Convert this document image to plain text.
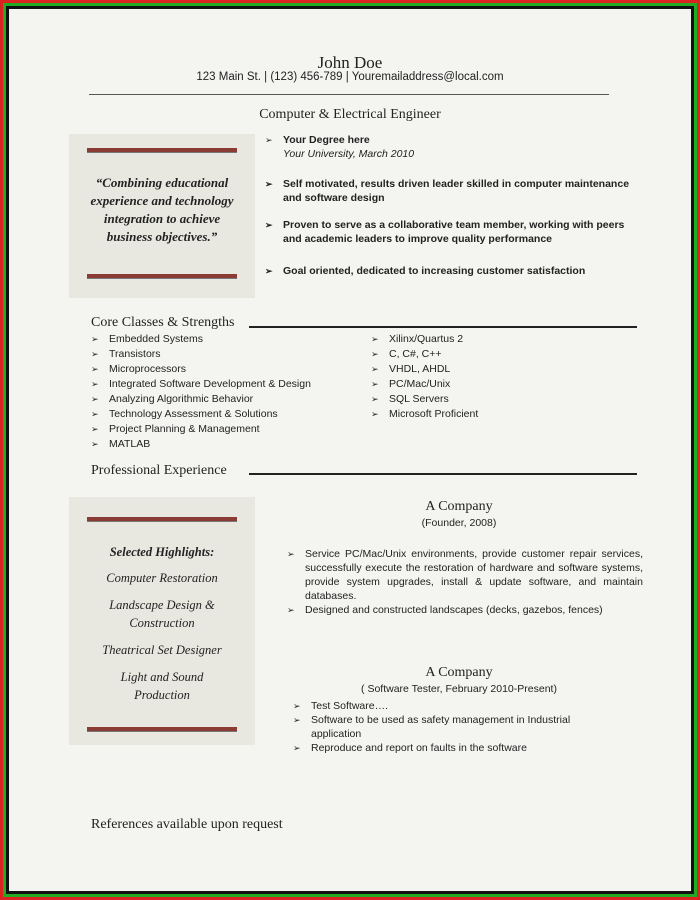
John Doe
123 Main St. | (123) 456-789 | Youremailaddress@local.com
Computer & Electrical Engineer
“Combining educational experience and technology integration to achieve business objectives.”
➢ Your Degree here
Your University, March 2010
➢ Self motivated, results driven leader skilled in computer maintenance and software design
➢ Proven to serve as a collaborative team member, working with peers and academic leaders to improve quality performance
➢ Goal oriented, dedicated to increasing customer satisfaction
Core Classes & Strengths
➢ Embedded Systems
➢ Transistors
➢ Microprocessors
➢ Integrated Software Development & Design
➢ Analyzing Algorithmic Behavior
➢ Technology Assessment & Solutions
➢ Project Planning & Management
➢ MATLAB
➢ Xilinx/Quartus 2
➢ C, C#, C++
➢ VHDL, AHDL
➢ PC/Mac/Unix
➢ SQL Servers
➢ Microsoft Proficient
Professional Experience
Selected Highlights:
Computer Restoration
Landscape Design & Construction
Theatrical Set Designer
Light and Sound Production
A Company
(Founder, 2008)
➢ Service PC/Mac/Unix environments, provide customer repair services, successfully execute the restoration of hardware and software systems, provide system upgrades, install & update software, and maintain databases.
➢ Designed and constructed landscapes (decks, gazebos, fences)
A Company
( Software Tester, February 2010-Present)
➢ Test Software….
➢ Software to be used as safety management in Industrial application
➢ Reproduce and report on faults in the software
References available upon request
